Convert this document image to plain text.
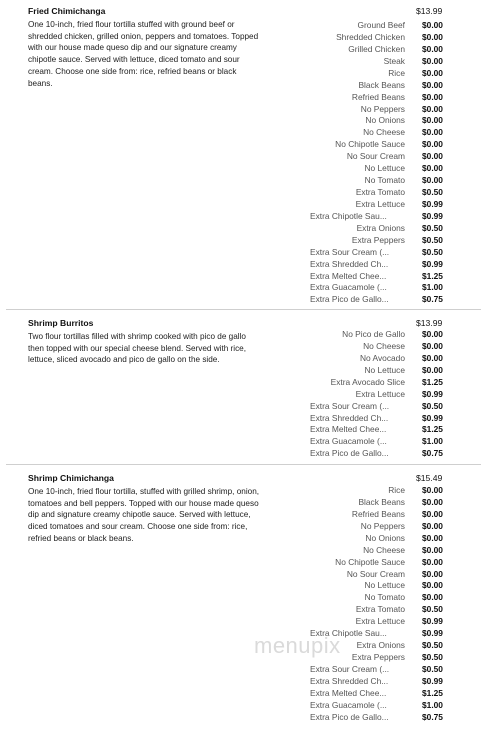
Fried Chimichanga
One 10-inch, fried flour tortilla stuffed with ground beef or shredded chicken, grilled onion, peppers and tomatoes. Topped with our house made queso dip and our signature creamy chipotle sauce. Served with lettuce, diced tomato and sour cream. Choose one side from: rice, refried beans or black beans.
$13.99
Ground Beef $0.00
Shredded Chicken $0.00
Grilled Chicken $0.00
Steak $0.00
Rice $0.00
Black Beans $0.00
Refried Beans $0.00
No Peppers $0.00
No Onions $0.00
No Cheese $0.00
No Chipotle Sauce $0.00
No Sour Cream $0.00
No Lettuce $0.00
No Tomato $0.00
Extra Tomato $0.50
Extra Lettuce $0.99
Extra Chipotle Sau...	$0.99
Extra Onions $0.50
Extra Peppers $0.50
Extra Sour Cream (...	$0.50
Extra Shredded Ch...	$0.99
Extra Melted Chee...	$1.25
Extra Guacamole (...	$1.00
Extra Pico de Gallo...	$0.75
Shrimp Burritos
Two flour tortillas filled with shrimp cooked with pico de gallo then topped with our special cheese blend. Served with rice, lettuce, sliced avocado and pico de gallo on the side.
$13.99
No Pico de Gallo $0.00
No Cheese $0.00
No Avocado $0.00
No Lettuce $0.00
Extra Avocado Slice $1.25
Extra Lettuce $0.99
Extra Sour Cream (...	$0.50
Extra Shredded Ch...	$0.99
Extra Melted Chee...	$1.25
Extra Guacamole (...	$1.00
Extra Pico de Gallo...	$0.75
Shrimp Chimichanga
One 10-inch, fried flour tortilla, stuffed with grilled shrimp, onion, tomatoes and bell peppers. Topped with our house made queso dip and signature creamy chipotle sauce. Served with lettuce, diced tomatoes and sour cream. Choose one side from: rice, refried beans or black beans.
$15.49
Rice $0.00
Black Beans $0.00
Refried Beans $0.00
No Peppers $0.00
No Onions $0.00
No Cheese $0.00
No Chipotle Sauce $0.00
No Sour Cream $0.00
No Lettuce $0.00
No Tomato $0.00
Extra Tomato $0.50
Extra Lettuce $0.99
Extra Chipotle Sau...	$0.99
Extra Onions $0.50
Extra Peppers $0.50
Extra Sour Cream (...	$0.50
Extra Shredded Ch...	$0.99
Extra Melted Chee...	$1.25
Extra Guacamole (...	$1.00
Extra Pico de Gallo...	$0.75
menupix
